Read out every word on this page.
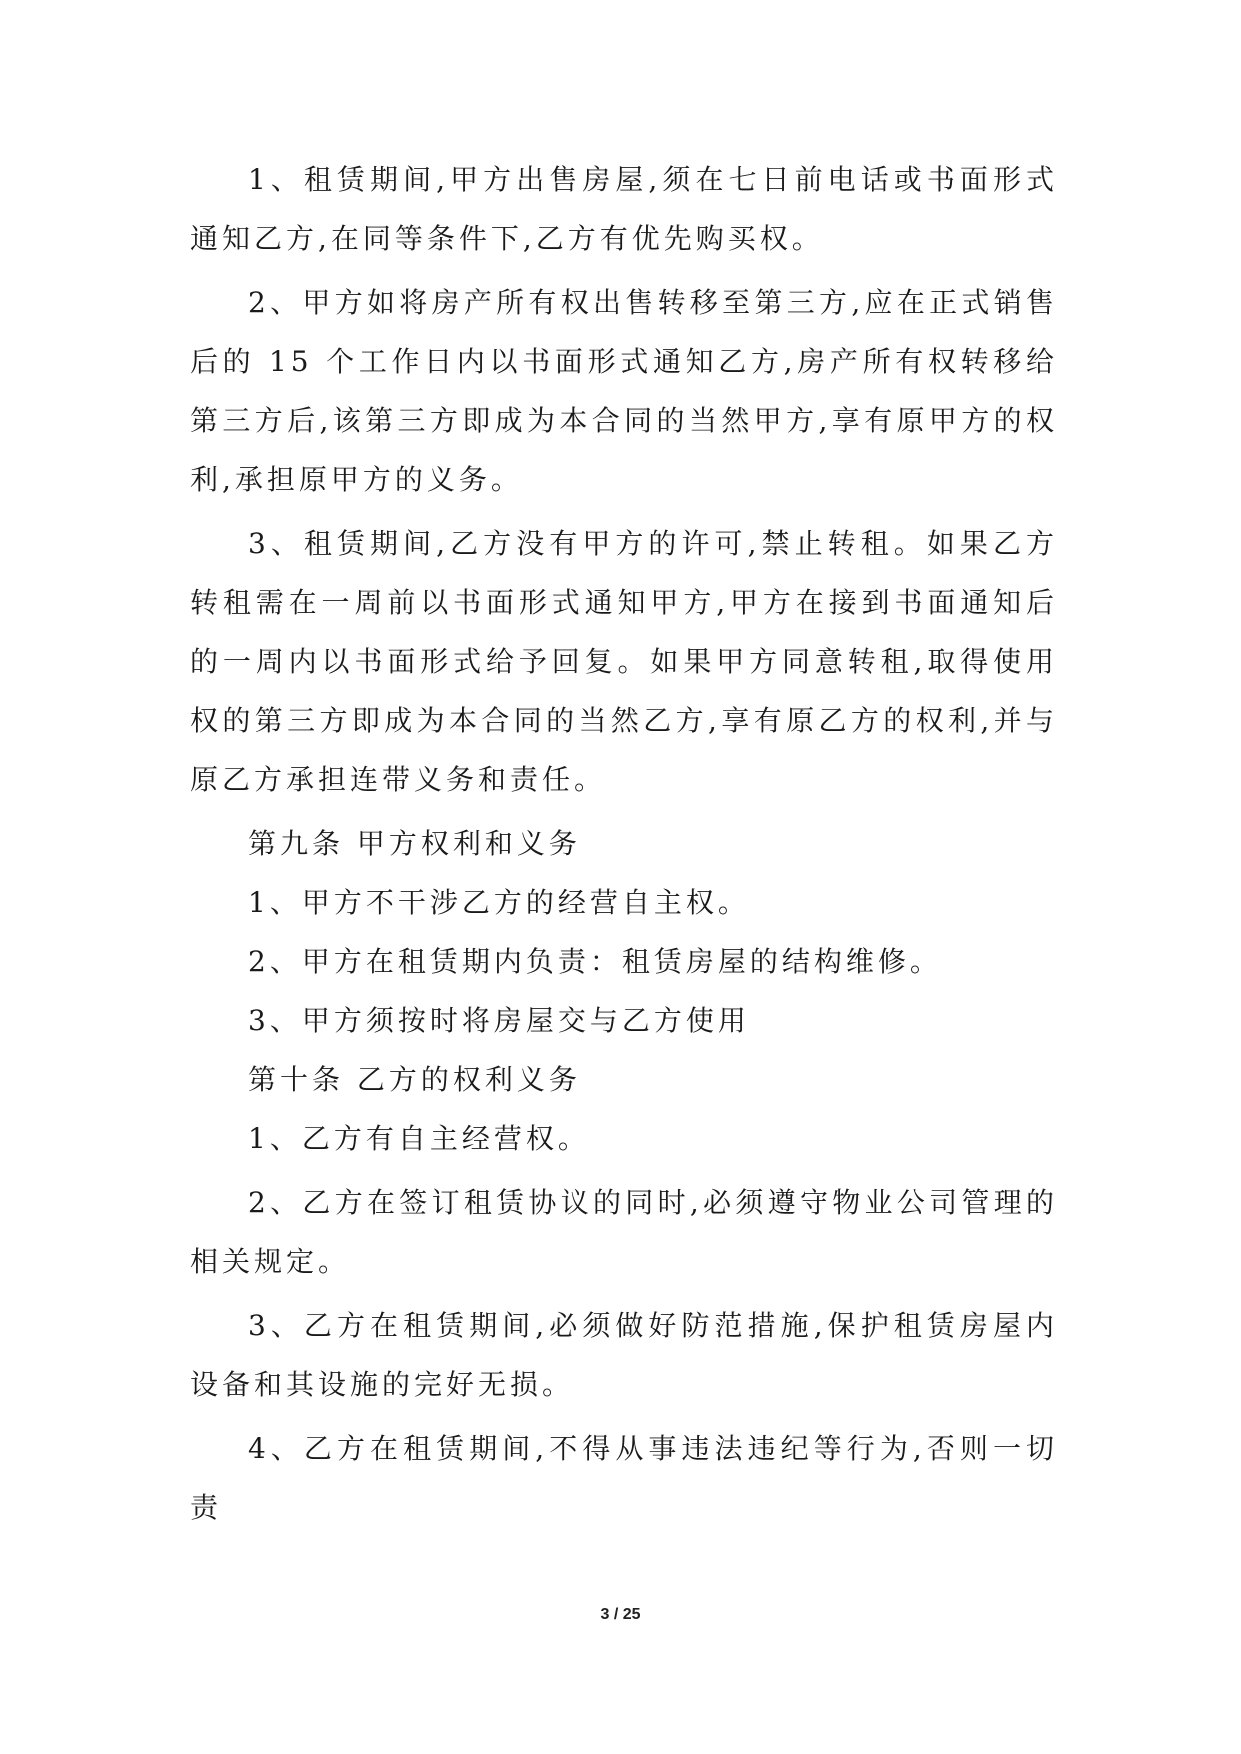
1、租赁期间,甲方出售房屋,须在七日前电话或书面形式通知乙方,在同等条件下,乙方有优先购买权。

2、甲方如将房产所有权出售转移至第三方,应在正式销售后的 15 个工作日内以书面形式通知乙方,房产所有权转移给第三方后,该第三方即成为本合同的当然甲方,享有原甲方的权利,承担原甲方的义务。

3、租赁期间,乙方没有甲方的许可,禁止转租。如果乙方转租需在一周前以书面形式通知甲方,甲方在接到书面通知后的一周内以书面形式给予回复。如果甲方同意转租,取得使用权的第三方即成为本合同的当然乙方,享有原乙方的权利,并与原乙方承担连带义务和责任。

第九条 甲方权利和义务

1、甲方不干涉乙方的经营自主权。

2、甲方在租赁期内负责：租赁房屋的结构维修。

3、甲方须按时将房屋交与乙方使用

第十条 乙方的权利义务

1、乙方有自主经营权。

2、乙方在签订租赁协议的同时,必须遵守物业公司管理的相关规定。

3、乙方在租赁期间,必须做好防范措施,保护租赁房屋内设备和其设施的完好无损。

4、乙方在租赁期间,不得从事违法违纪等行为,否则一切责

3 / 25
